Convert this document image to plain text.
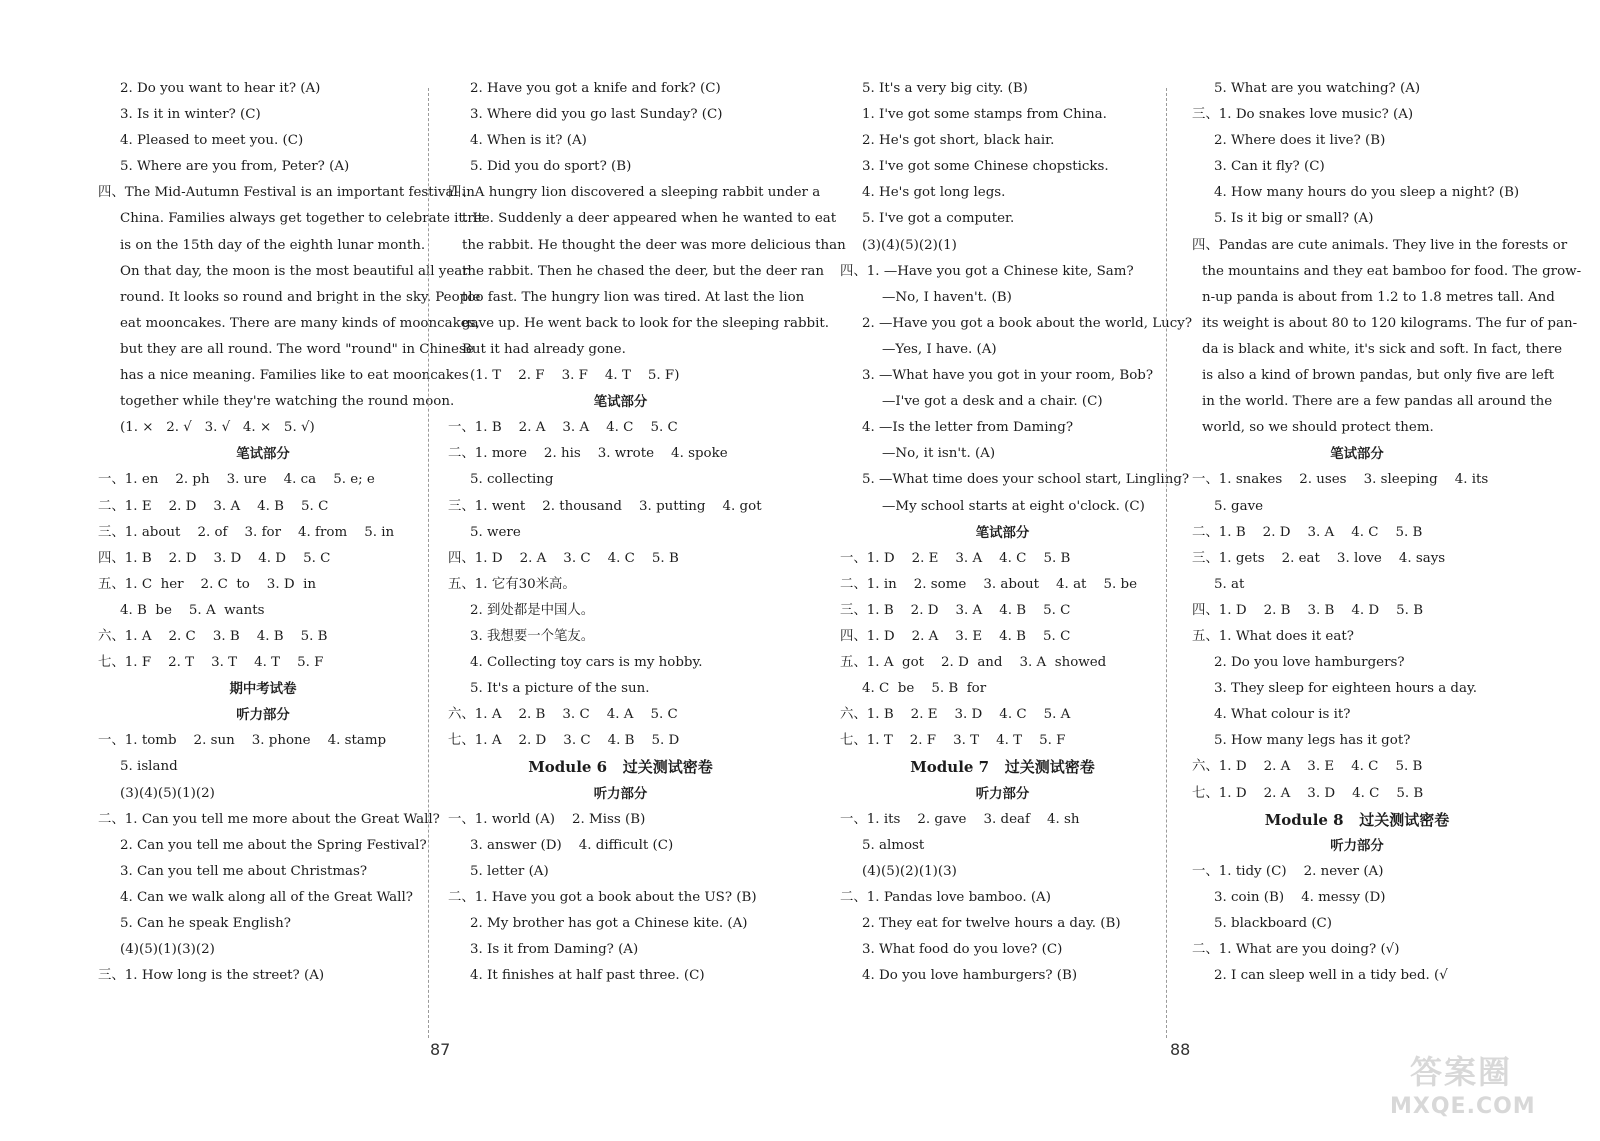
2. Do you want to hear it? (A)
3. Is it in winter? (C)
4. Pleased to meet you. (C)
5. Where are you from, Peter? (A)
四、The Mid-Autumn Festival is an important festival in
China. Families always get together to celebrate it. It
is on the 15th day of the eighth lunar month.
On that day, the moon is the most beautiful all year
round. It looks so round and bright in the sky. People
eat mooncakes. There are many kinds of mooncakes,
but they are all round. The word "round" in Chinese
has a nice meaning. Families like to eat mooncakes
together while they're watching the round moon.
(1. ×   2. √   3. √   4. ×   5. √)
笔试部分
一、1. en    2. ph    3. ure    4. ca    5. e; e
二、1. E    2. D    3. A    4. B    5. C
三、1. about    2. of    3. for    4. from    5. in
四、1. B    2. D    3. D    4. D    5. C
五、1. C  her    2. C  to    3. D  in
4. B  be    5. A  wants
六、1. A    2. C    3. B    4. B    5. B
七、1. F    2. T    3. T    4. T    5. F
期中考试卷
听力部分
一、1. tomb    2. sun    3. phone    4. stamp
5. island
(3)(4)(5)(1)(2)
二、1. Can you tell me more about the Great Wall?
2. Can you tell me about the Spring Festival?
3. Can you tell me about Christmas?
4. Can we walk along all of the Great Wall?
5. Can he speak English?
(4)(5)(1)(3)(2)
三、1. How long is the street? (A)
2. Have you got a knife and fork? (C)
3. Where did you go last Sunday? (C)
4. When is it? (A)
5. Did you do sport? (B)
四、A hungry lion discovered a sleeping rabbit under a
tree. Suddenly a deer appeared when he wanted to eat
the rabbit. He thought the deer was more delicious than
the rabbit. Then he chased the deer, but the deer ran
too fast. The hungry lion was tired. At last the lion
gave up. He went back to look for the sleeping rabbit.
But it had already gone.
(1. T    2. F    3. F    4. T    5. F)
笔试部分
一、1. B    2. A    3. A    4. C    5. C
二、1. more    2. his    3. wrote    4. spoke
5. collecting
三、1. went    2. thousand    3. putting    4. got
5. were
四、1. D    2. A    3. C    4. C    5. B
五、1. 它有30米高。
2. 到处都是中国人。
3. 我想要一个笔友。
4. Collecting toy cars is my hobby.
5. It's a picture of the sun.
六、1. A    2. B    3. C    4. A    5. C
七、1. A    2. D    3. C    4. B    5. D
Module 6   过关测试密卷
听力部分
一、1. world (A)    2. Miss (B)
3. answer (D)    4. difficult (C)
5. letter (A)
二、1. Have you got a book about the US? (B)
2. My brother has got a Chinese kite. (A)
3. Is it from Daming? (A)
4. It finishes at half past three. (C)
87
5. It's a very big city. (B)
1. I've got some stamps from China.
2. He's got short, black hair.
3. I've got some Chinese chopsticks.
4. He's got long legs.
5. I've got a computer.
(3)(4)(5)(2)(1)
四、1. —Have you got a Chinese kite, Sam?
—No, I haven't. (B)
2. —Have you got a book about the world, Lucy?
—Yes, I have. (A)
3. —What have you got in your room, Bob?
—I've got a desk and a chair. (C)
4. —Is the letter from Daming?
—No, it isn't. (A)
5. —What time does your school start, Lingling?
—My school starts at eight o'clock. (C)
笔试部分
一、1. D    2. E    3. A    4. C    5. B
二、1. in    2. some    3. about    4. at    5. be
三、1. B    2. D    3. A    4. B    5. C
四、1. D    2. A    3. E    4. B    5. C
五、1. A  got    2. D  and    3. A  showed
4. C  be    5. B  for
六、1. B    2. E    3. D    4. C    5. A
七、1. T    2. F    3. T    4. T    5. F
Module 7   过关测试密卷
听力部分
一、1. its    2. gave    3. deaf    4. sh
5. almost
(4)(5)(2)(1)(3)
二、1. Pandas love bamboo. (A)
2. They eat for twelve hours a day. (B)
3. What food do you love? (C)
4. Do you love hamburgers? (B)
5. What are you watching? (A)
三、1. Do snakes love music? (A)
2. Where does it live? (B)
3. Can it fly? (C)
4. How many hours do you sleep a night? (B)
5. Is it big or small? (A)
四、Pandas are cute animals. They live in the forests or
the mountains and they eat bamboo for food. The grow-
n-up panda is about from 1.2 to 1.8 metres tall. And
its weight is about 80 to 120 kilograms. The fur of pan-
da is black and white, it's sick and soft. In fact, there
is also a kind of brown pandas, but only five are left
in the world. There are a few pandas all around the
world, so we should protect them.
笔试部分
一、1. snakes    2. uses    3. sleeping    4. its
5. gave
二、1. B    2. D    3. A    4. C    5. B
三、1. gets    2. eat    3. love    4. says
5. at
四、1. D    2. B    3. B    4. D    5. B
五、1. What does it eat?
2. Do you love hamburgers?
3. They sleep for eighteen hours a day.
4. What colour is it?
5. How many legs has it got?
六、1. D    2. A    3. E    4. C    5. B
七、1. D    2. A    3. D    4. C    5. B
Module 8   过关测试密卷
听力部分
一、1. tidy (C)    2. never (A)
3. coin (B)    4. messy (D)
5. blackboard (C)
二、1. What are you doing? (√)
2. I can sleep well in a tidy bed. (√
88
答案圈
MXQE.COM
